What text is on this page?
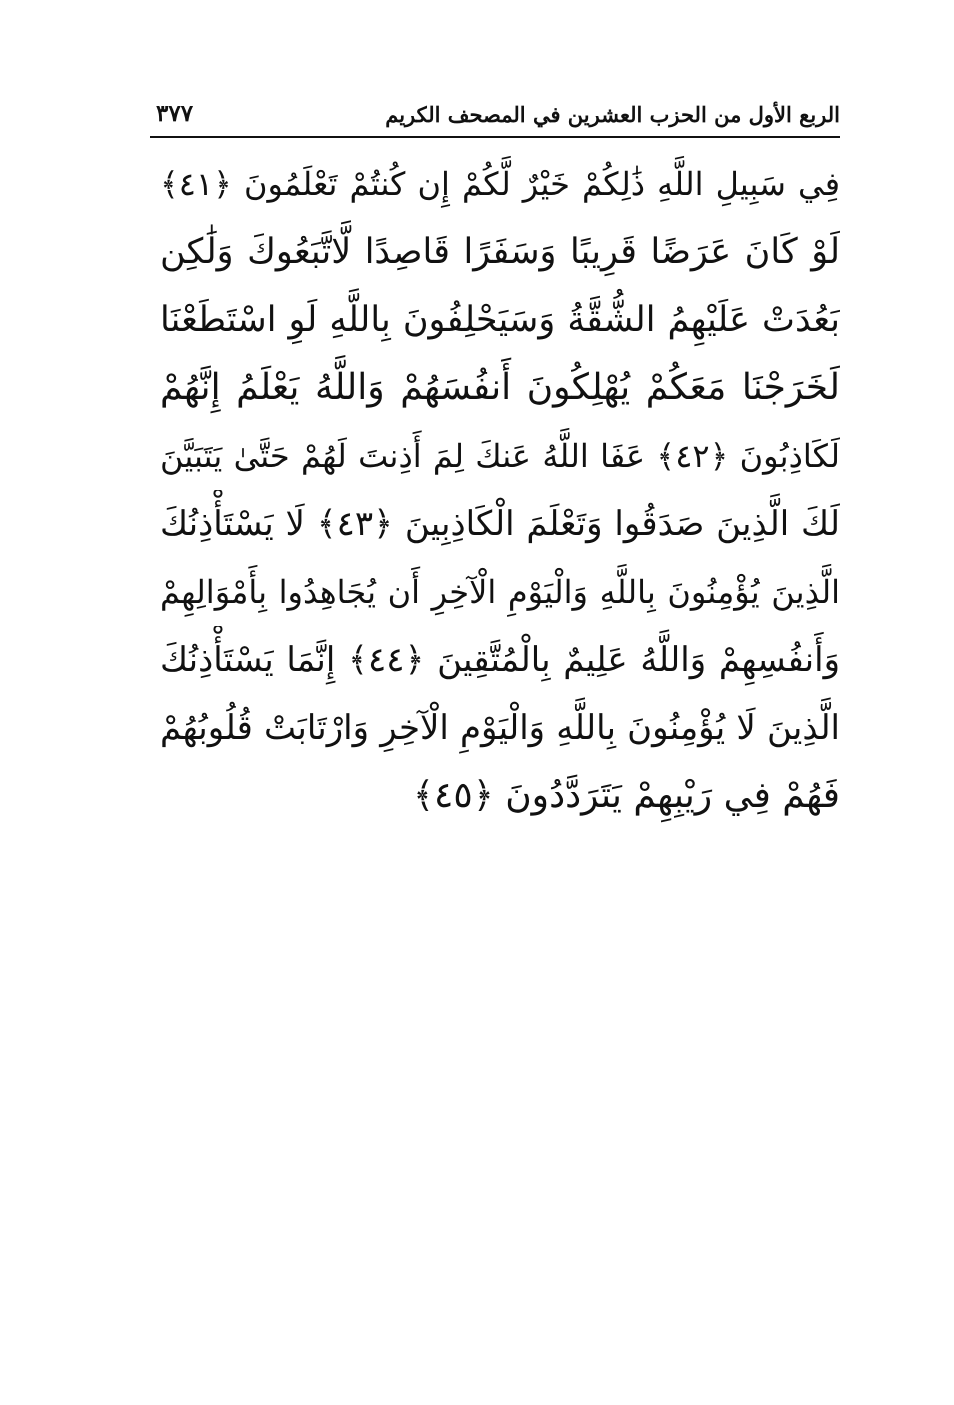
الربع الأول من الحزب العشرين في المصحف الكريم
٣٧٧
فِي سَبِيلِ اللَّهِ ذَٰلِكُمْ خَيْرٌ لَّكُمْ إِن كُنتُمْ تَعْلَمُونَ ﴿٤١﴾
لَوْ كَانَ عَرَضًا قَرِيبًا وَسَفَرًا قَاصِدًا لَّاتَّبَعُوكَ وَلَٰكِن
بَعُدَتْ عَلَيْهِمُ الشُّقَّةُ وَسَيَحْلِفُونَ بِاللَّهِ لَوِ اسْتَطَعْنَا
لَخَرَجْنَا مَعَكُمْ يُهْلِكُونَ أَنفُسَهُمْ وَاللَّهُ يَعْلَمُ إِنَّهُمْ
لَكَاذِبُونَ ﴿٤٢﴾ عَفَا اللَّهُ عَنكَ لِمَ أَذِنتَ لَهُمْ حَتَّىٰ يَتَبَيَّنَ
لَكَ الَّذِينَ صَدَقُوا وَتَعْلَمَ الْكَاذِبِينَ ﴿٤٣﴾ لَا يَسْتَأْذِنُكَ
الَّذِينَ يُؤْمِنُونَ بِاللَّهِ وَالْيَوْمِ الْآخِرِ أَن يُجَاهِدُوا بِأَمْوَالِهِمْ
وَأَنفُسِهِمْ وَاللَّهُ عَلِيمٌ بِالْمُتَّقِينَ ﴿٤٤﴾ إِنَّمَا يَسْتَأْذِنُكَ
الَّذِينَ لَا يُؤْمِنُونَ بِاللَّهِ وَالْيَوْمِ الْآخِرِ وَارْتَابَتْ قُلُوبُهُمْ
فَهُمْ فِي رَيْبِهِمْ يَتَرَدَّدُونَ ﴿٤٥﴾
